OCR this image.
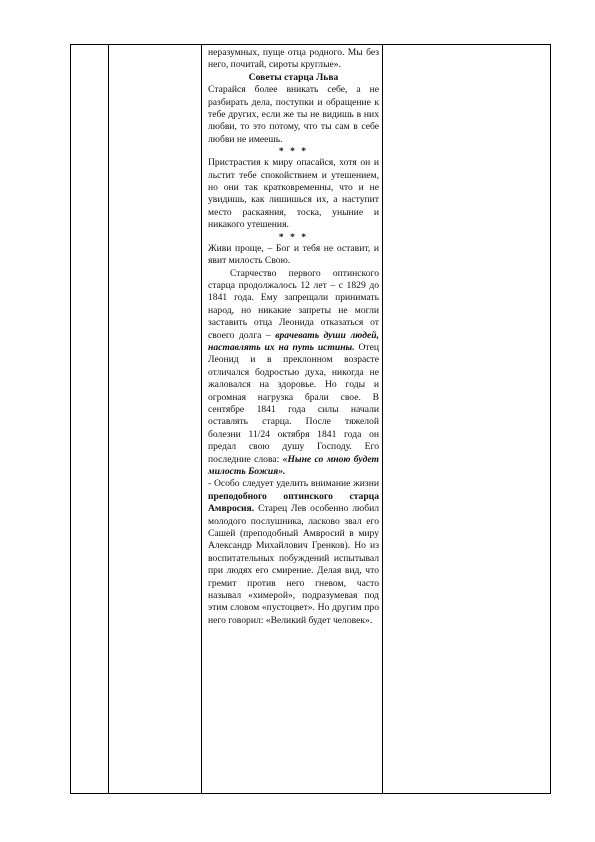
неразумных, пуще отца родного. Мы без него, почитай, сироты круглые».

Советы старца Льва

Старайся более вникать себе, а не разбирать дела, поступки и обращение к тебе других, если же ты не видишь в них любви, то это потому, что ты сам в себе любви не имеешь.

* * *

Пристрастия к миру опасайся, хотя он и льстит тебе спокойствием и утешением, но они так кратковременны, что и не увидишь, как лишишься их, а наступит место раскаяния, тоска, уныние и никакого утешения.

* * *

Живи проще, – Бог и тебя не оставит, и явит милость Свою.

Старчество первого оптинского старца продолжалось 12 лет – с 1829 до 1841 года. Ему запрещали принимать народ, но никакие запреты не могли заставить отца Леонида отказаться от своего долга – врачевать души людей, наставлять их на путь истины. Отец Леонид и в преклонном возрасте отличался бодростью духа, никогда не жаловался на здоровье. Но годы и огромная нагрузка брали свое. В сентябре 1841 года силы начали оставлять старца. После тяжелой болезни 11/24 октября 1841 года он предал свою душу Господу. Его последние слова: «Ныне со мною будет милость Божия».

- Особо следует уделить внимание жизни преподобного оптинского старца Амвросия. Старец Лев особенно любил молодого послушника, ласково звал его Сашей (преподобный Амвросий в миру Александр Михайлович Гренков). Но из воспитательных побуждений испытывал при людях его смирение. Делая вид, что гремит против него гневом, часто называл «химерой», подразумевая под этим словом «пустоцвет». Но другим про него говорил: «Великий будет человек».
